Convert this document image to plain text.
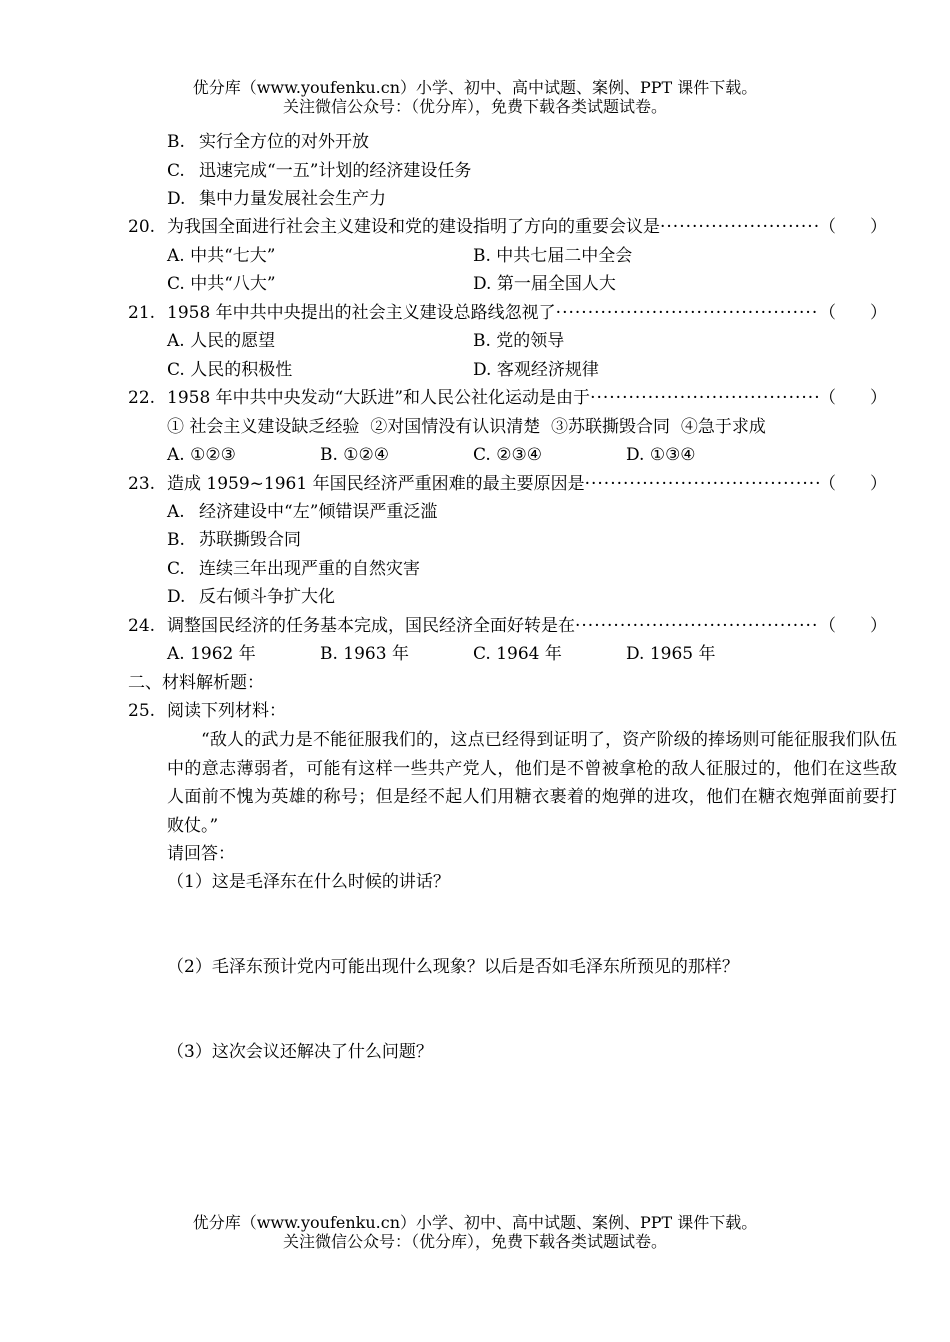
优分库（www.youfenku.cn）小学、初中、高中试题、案例、PPT 课件下载。
关注微信公众号：（优分库），免费下载各类试题试卷。
B. 实行全方位的对外开放
C. 迅速完成“一五”计划的经济建设任务
D. 集中力量发展社会生产力
20. 为我国全面进行社会主义建设和党的建设指明了方向的重要会议是 ·····	（　　）
A. 中共“七大”	B. 中共七届二中全会
C. 中共“八大”	D. 第一届全国人大
21. 1958 年中共中央提出的社会主义建设总路线忽视了 ·····	（　　）
A. 人民的愿望	B. 党的领导
C. 人民的积极性	D. 客观经济规律
22. 1958 年中共中央发动“大跃进”和人民公社化运动是由于 ·····	（　　）
① 社会主义建设缺乏经验  ②对国情没有认识清楚  ③苏联撕毁合同  ④急于求成
A. ①②③	B. ①②④	C. ②③④	D. ①③④
23. 造成 1959~1961 年国民经济严重困难的最主要原因是 ·····	（　　）
A. 经济建设中“左”倾错误严重泛滥
B. 苏联撕毁合同
C. 连续三年出现严重的自然灾害
D. 反右倾斗争扩大化
24. 调整国民经济的任务基本完成，国民经济全面好转是在 ·····	（　　）
A. 1962 年	B. 1963 年	C. 1964 年	D. 1965 年
二、材料解析题：
25. 阅读下列材料：
“敌人的武力是不能征服我们的，这点已经得到证明了，资产阶级的捧场则可能征服我们队伍中的意志薄弱者，可能有这样一些共产党人，他们是不曾被拿枪的敌人征服过的，他们在这些敌人面前不愧为英雄的称号；但是经不起人们用糖衣裹着的炮弹的进攻，他们在糖衣炮弹面前要打败仗。”
请回答：
（1）这是毛泽东在什么时候的讲话？
（2）毛泽东预计党内可能出现什么现象？以后是否如毛泽东所预见的那样？
（3）这次会议还解决了什么问题？
优分库（www.youfenku.cn）小学、初中、高中试题、案例、PPT 课件下载。
关注微信公众号：（优分库），免费下载各类试题试卷。
